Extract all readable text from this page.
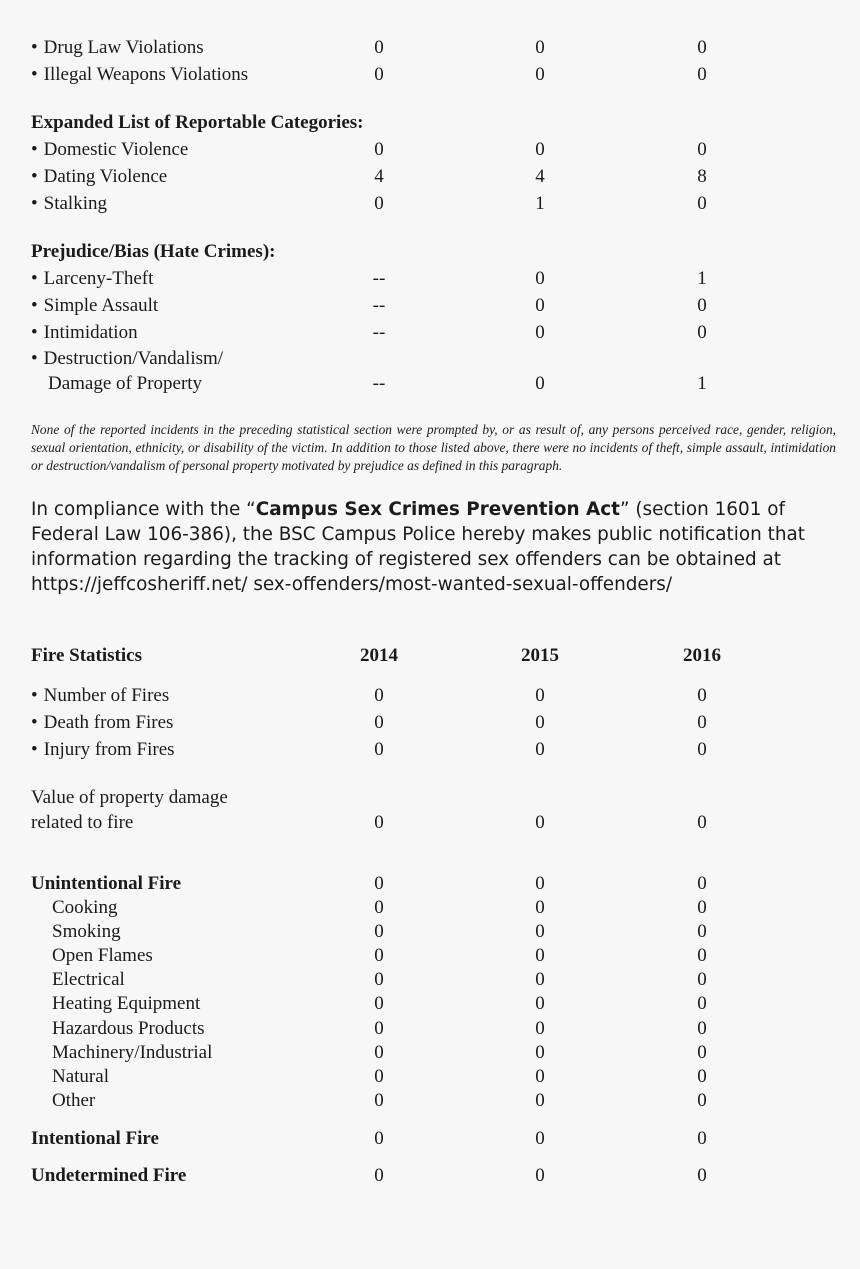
• Drug Law Violations	0	0	0
• Illegal Weapons Violations	0	0	0
Expanded List of Reportable Categories:
• Domestic Violence	0	0	0
• Dating Violence	4	4	8
• Stalking	0	1	0
Prejudice/Bias (Hate Crimes):
• Larceny-Theft	--	0	1
• Simple Assault	--	0	0
• Intimidation	--	0	0
• Destruction/Vandalism/
Damage of Property	--	0	1
None of the reported incidents in the preceding statistical section were prompted by, or as result of, any persons perceived race, gender, religion, sexual orientation, ethnicity, or disability of the victim. In addition to those listed above, there were no incidents of theft, simple assault, intimidation or destruction/vandalism of personal property motivated by prejudice as defined in this paragraph.
In compliance with the “Campus Sex Crimes Prevention Act” (section 1601 of Federal Law 106-386), the BSC Campus Police hereby makes public notification that information regarding the tracking of registered sex offenders can be obtained at https://jeffcosheriff.net/ sex-offenders/most-wanted-sexual-offenders/
Fire Statistics	2014	2015	2016
• Number of Fires	0	0	0
• Death from Fires	0	0	0
• Injury from Fires	0	0	0
Value of property damage
related to fire	0	0	0
Unintentional Fire	0	0	0
Cooking	0	0	0
Smoking	0	0	0
Open Flames	0	0	0
Electrical	0	0	0
Heating Equipment	0	0	0
Hazardous Products	0	0	0
Machinery/Industrial	0	0	0
Natural	0	0	0
Other	0	0	0
Intentional Fire	0	0	0
Undetermined Fire	0	0	0
